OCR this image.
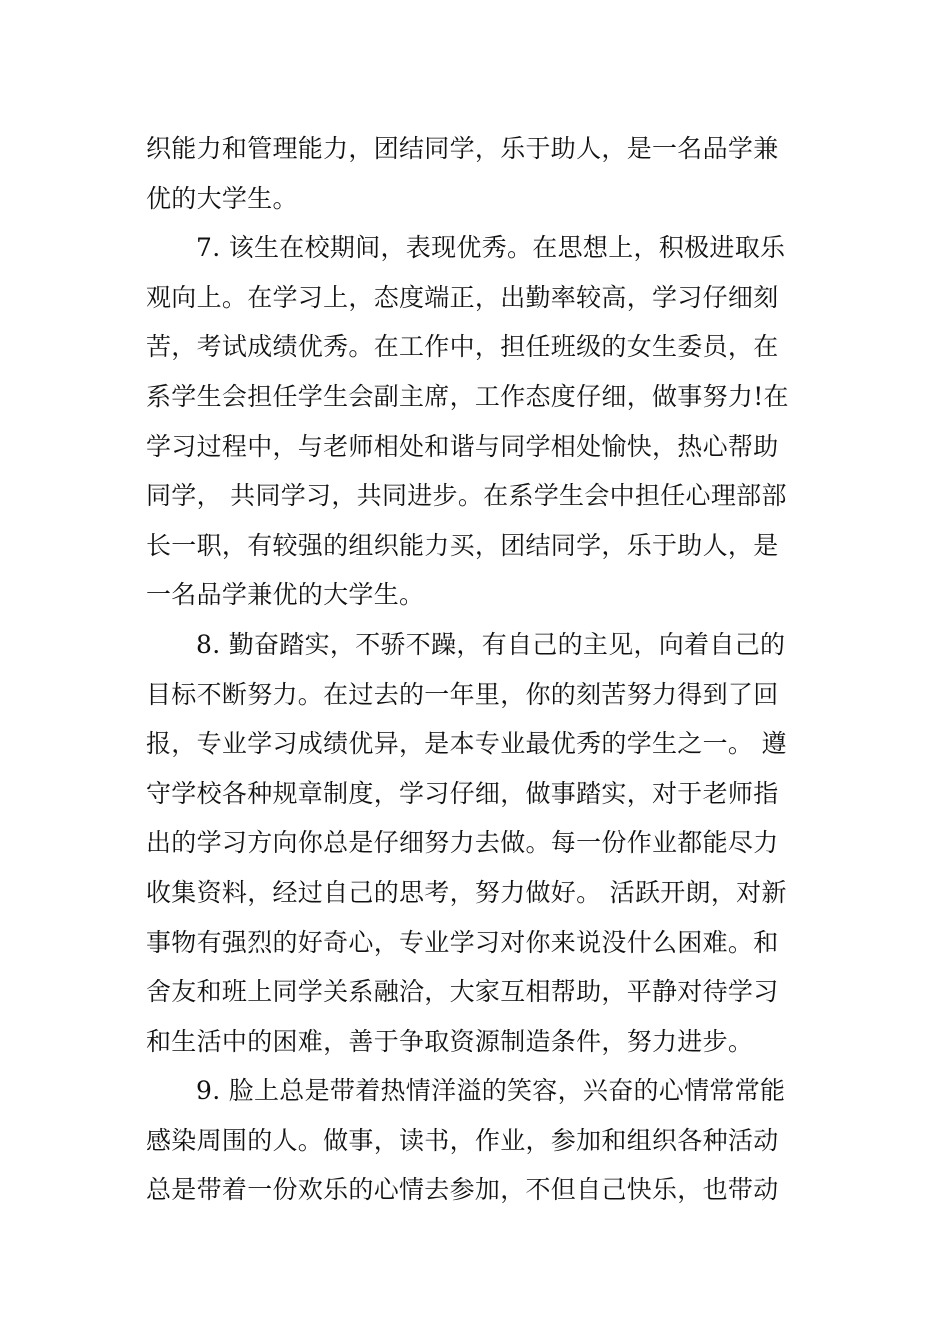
织能力和管理能力，团结同学，乐于助人，是一名品学兼
优的大学生。
7. 该生在校期间，表现优秀。在思想上，积极进取乐
观向上。在学习上，态度端正，出勤率较高，学习仔细刻
苦，考试成绩优秀。在工作中，担任班级的女生委员，在
系学生会担任学生会副主席，工作态度仔细，做事努力!在
学习过程中，与老师相处和谐与同学相处愉快，热心帮助
同学， 共同学习，共同进步。在系学生会中担任心理部部
长一职，有较强的组织能力买，团结同学，乐于助人，是
一名品学兼优的大学生。
8. 勤奋踏实，不骄不躁，有自己的主见，向着自己的
目标不断努力。在过去的一年里，你的刻苦努力得到了回
报，专业学习成绩优异，是本专业最优秀的学生之一。 遵
守学校各种规章制度，学习仔细，做事踏实，对于老师指
出的学习方向你总是仔细努力去做。每一份作业都能尽力
收集资料，经过自己的思考，努力做好。 活跃开朗，对新
事物有强烈的好奇心，专业学习对你来说没什么困难。和
舍友和班上同学关系融洽，大家互相帮助，平静对待学习
和生活中的困难，善于争取资源制造条件，努力进步。
9. 脸上总是带着热情洋溢的笑容，兴奋的心情常常能
感染周围的人。做事，读书，作业，参加和组织各种活动
总是带着一份欢乐的心情去参加，不但自己快乐，也带动
